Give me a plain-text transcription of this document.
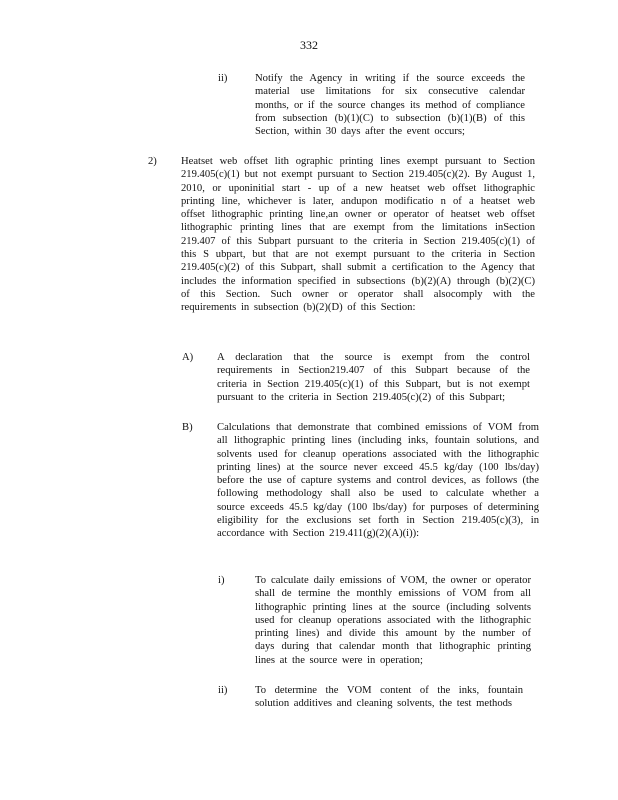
332
ii)	Notify the Agency in writing if the source exceeds the material use limitations for six consecutive calendar months, or if the source changes its method of compliance from subsection (b)(1)(C) to subsection (b)(1)(B) of this Section, within 30 days after the event occurs;
2)	Heatset web offset lith ographic printing lines exempt pursuant to Section 219.405(c)(1) but not exempt pursuant to Section 219.405(c)(2). By August 1, 2010, or uponinitial start - up of a new heatset web offset lithographic printing line, whichever is later, andupon modificatio n of a heatset web offset lithographic printing line,an owner or operator of heatset web offset lithographic printing lines that are exempt from the limitations inSection 219.407 of this Subpart pursuant to the criteria in Section 219.405(c)(1) of this S ubpart, but that are not exempt pursuant to the criteria in Section 219.405(c)(2) of this Subpart, shall submit a certification to the Agency that includes the information specified in subsections (b)(2)(A) through (b)(2)(C) of this Section. Such owner or operator shall alsocomply with the requirements in subsection (b)(2)(D) of this Section:
A)	A declaration that the source is exempt from the control requirements in Section219.407 of this Subpart because of the criteria in Section 219.405(c)(1) of this Subpart, but is not exempt pursuant to the criteria in Section 219.405(c)(2) of this Subpart;
B)	Calculations that demonstrate that combined emissions of VOM from all lithographic printing lines (including inks, fountain solutions, and solvents used for cleanup operations associated with the lithographic printing lines) at the source never exceed 45.5 kg/day (100 lbs/day) before the use of capture systems and control devices, as follows (the following methodology shall also be used to calculate whether a source exceeds 45.5 kg/day (100 lbs/day) for purposes of determining eligibility for the exclusions set forth in Section 219.405(c)(3), in accordance with Section 219.411(g)(2)(A)(i)):
i)	To calculate daily emissions of VOM, the owner or operator shall de termine the monthly emissions of VOM from all lithographic printing lines at the source (including solvents used for cleanup operations associated with the lithographic printing lines) and divide this amount by the number of days during that calendar month that lithographic printing lines at the source were in operation;
ii)	To determine the VOM content of the inks, fountain solution additives and cleaning solvents, the test methods
